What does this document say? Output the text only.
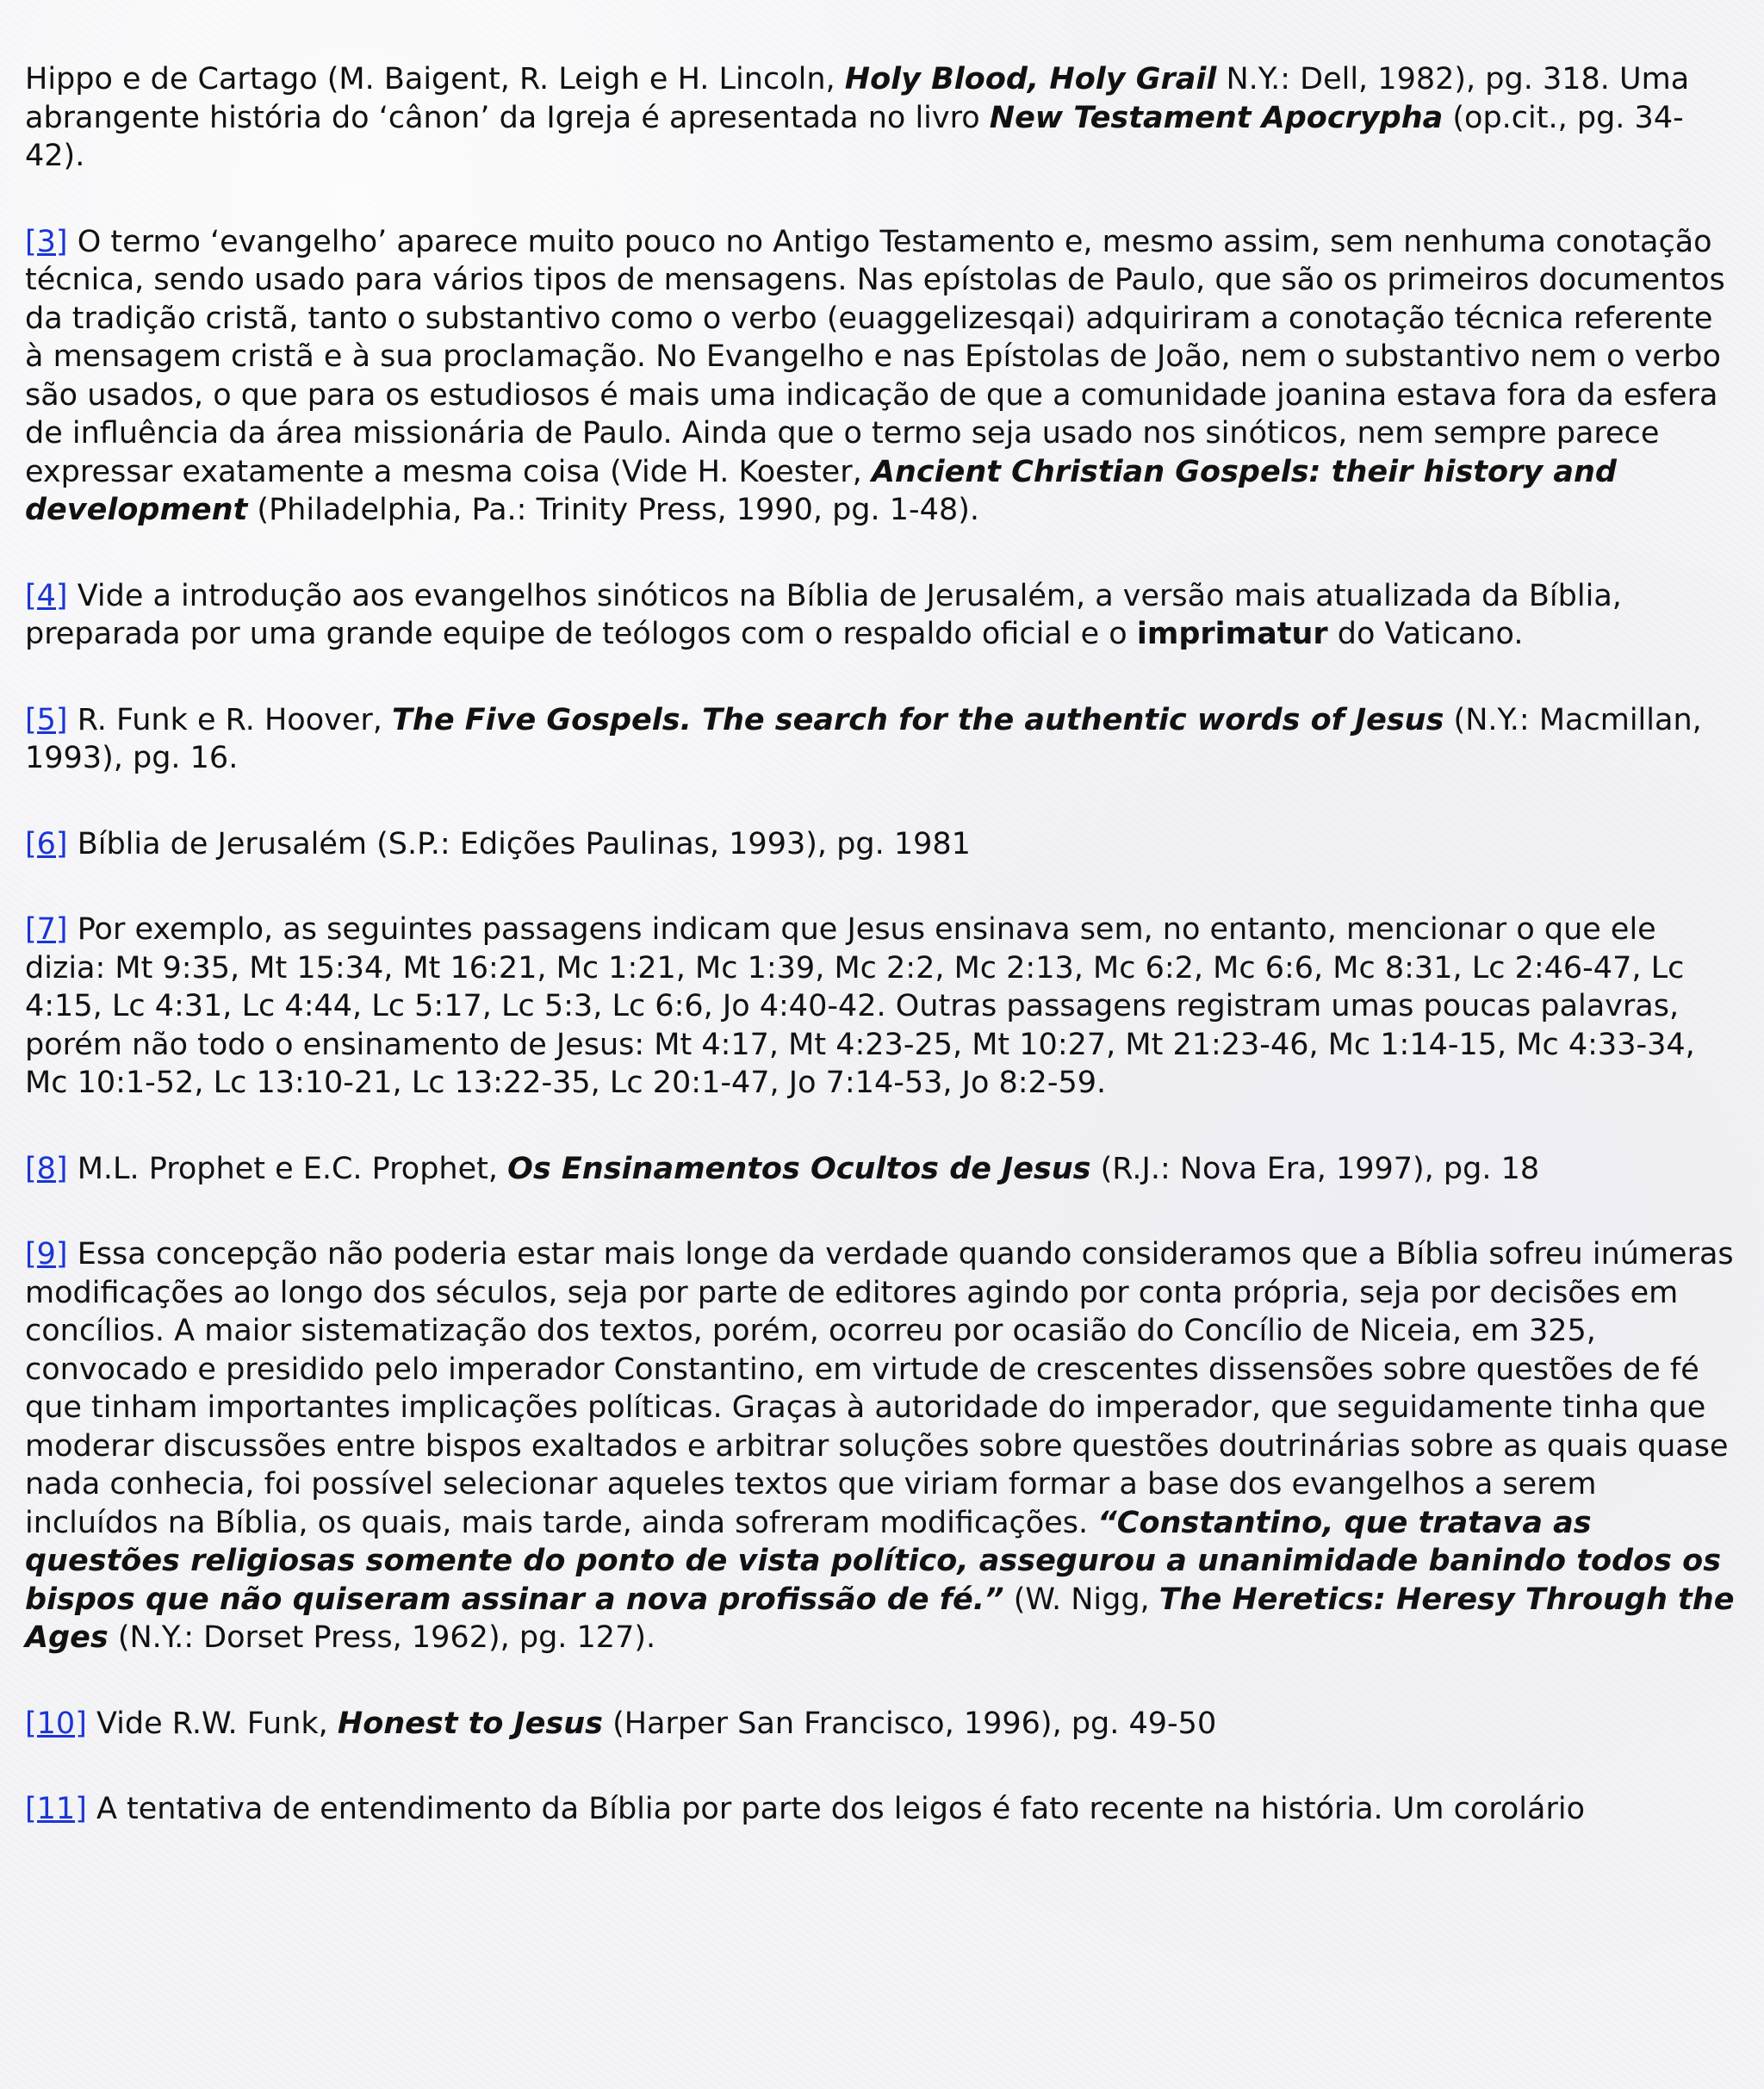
Hippo e de Cartago (M. Baigent, R. Leigh e H. Lincoln, Holy Blood, Holy Grail N.Y.: Dell, 1982), pg. 318. Uma abrangente história do ‘cânon’ da Igreja é apresentada no livro New Testament Apocrypha (op.cit., pg. 34-42).

[3] O termo ‘evangelho’ aparece muito pouco no Antigo Testamento e, mesmo assim, sem nenhuma conotação técnica, sendo usado para vários tipos de mensagens. Nas epístolas de Paulo, que são os primeiros documentos da tradição cristã, tanto o substantivo como o verbo (euaggelizesqai) adquiriram a conotação técnica referente à mensagem cristã e à sua proclamação. No Evangelho e nas Epístolas de João, nem o substantivo nem o verbo são usados, o que para os estudiosos é mais uma indicação de que a comunidade joanina estava fora da esfera de influência da área missionária de Paulo. Ainda que o termo seja usado nos sinóticos, nem sempre parece expressar exatamente a mesma coisa (Vide H. Koester, Ancient Christian Gospels: their history and development (Philadelphia, Pa.: Trinity Press, 1990, pg. 1-48).

[4] Vide a introdução aos evangelhos sinóticos na Bíblia de Jerusalém, a versão mais atualizada da Bíblia, preparada por uma grande equipe de teólogos com o respaldo oficial e o imprimatur do Vaticano.

[5] R. Funk e R. Hoover, The Five Gospels. The search for the authentic words of Jesus (N.Y.: Macmillan, 1993), pg. 16.

[6] Bíblia de Jerusalém (S.P.: Edições Paulinas, 1993), pg. 1981

[7] Por exemplo, as seguintes passagens indicam que Jesus ensinava sem, no entanto, mencionar o que ele dizia: Mt 9:35, Mt 15:34, Mt 16:21, Mc 1:21, Mc 1:39, Mc 2:2, Mc 2:13, Mc 6:2, Mc 6:6, Mc 8:31, Lc 2:46-47, Lc 4:15, Lc 4:31, Lc 4:44, Lc 5:17, Lc 5:3, Lc 6:6, Jo 4:40-42. Outras passagens registram umas poucas palavras, porém não todo o ensinamento de Jesus: Mt 4:17, Mt 4:23-25, Mt 10:27, Mt 21:23-46, Mc 1:14-15, Mc 4:33-34, Mc 10:1-52, Lc 13:10-21, Lc 13:22-35, Lc 20:1-47, Jo 7:14-53, Jo 8:2-59.

[8] M.L. Prophet e E.C. Prophet, Os Ensinamentos Ocultos de Jesus (R.J.: Nova Era, 1997), pg. 18

[9] Essa concepção não poderia estar mais longe da verdade quando consideramos que a Bíblia sofreu inúmeras modificações ao longo dos séculos, seja por parte de editores agindo por conta própria, seja por decisões em concílios. A maior sistematização dos textos, porém, ocorreu por ocasião do Concílio de Niceia, em 325, convocado e presidido pelo imperador Constantino, em virtude de crescentes dissensões sobre questões de fé que tinham importantes implicações políticas. Graças à autoridade do imperador, que seguidamente tinha que moderar discussões entre bispos exaltados e arbitrar soluções sobre questões doutrinárias sobre as quais quase nada conhecia, foi possível selecionar aqueles textos que viriam formar a base dos evangelhos a serem incluídos na Bíblia, os quais, mais tarde, ainda sofreram modificações. “Constantino, que tratava as questões religiosas somente do ponto de vista político, assegurou a unanimidade banindo todos os bispos que não quiseram assinar a nova profissão de fé.” (W. Nigg, The Heretics: Heresy Through the Ages (N.Y.: Dorset Press, 1962), pg. 127).

[10] Vide R.W. Funk, Honest to Jesus (Harper San Francisco, 1996), pg. 49-50

[11] A tentativa de entendimento da Bíblia por parte dos leigos é fato recente na história. Um corolário
